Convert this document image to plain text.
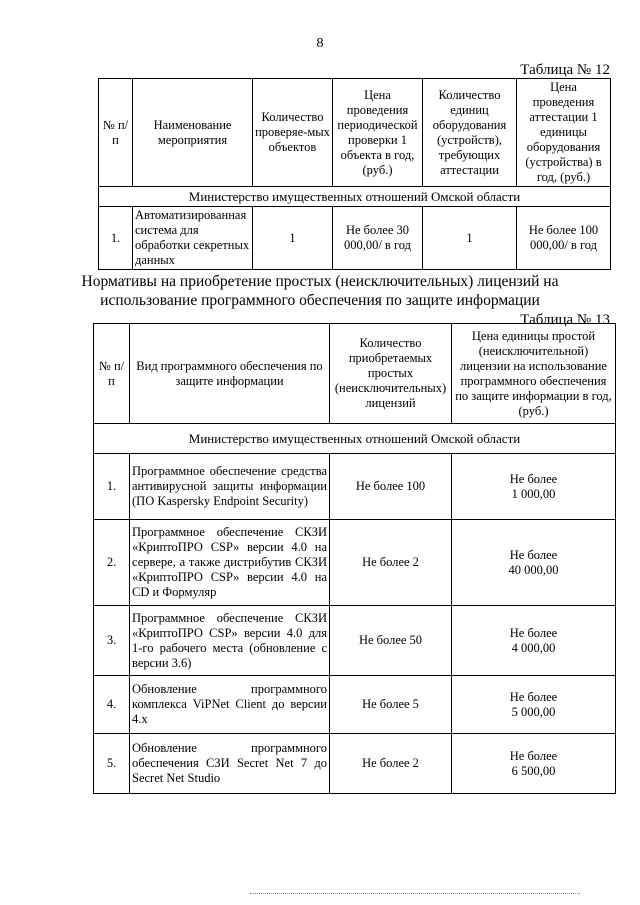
8
Таблица № 12
№ п/п	Наименование мероприятия	Количество проверяе-мых объектов	Цена проведения периодической проверки 1 объекта в год, (руб.)	Количество единиц оборудования (устройств), требующих аттестации	Цена проведения аттестации 1 единицы оборудования (устройства) в год, (руб.)
Министерство имущественных отношений Омской области					
1.	Автоматизированная система для обработки секретных данных	1	Не более 30 000,00/ в год	1	Не более 100 000,00/ в год
Нормативы на приобретение простых (неисключительных) лицензий на использование программного обеспечения по защите информации
Таблица № 13
№ п/п	Вид программного обеспечения по защите информации	Количество приобретаемых простых (неисключительных) лицензий	Цена единицы простой (неисключительной) лицензии на использование программного обеспечения по защите информации в год, (руб.)
Министерство имущественных отношений Омской области			
1.	Программное обеспечение средства антивирусной защиты информации (ПО Kaspersky Endpoint Security)	Не более 100	Не более
1 000,00
2.	Программное обеспечение СКЗИ «КриптоПРО CSP» версии 4.0 на сервере, а также дистрибутив СКЗИ «КриптоПРО CSP» версии 4.0 на CD и Формуляр	Не более 2	Не более
40 000,00
3.	Программное обеспечение СКЗИ «КриптоПРО CSP» версии 4.0 для 1-го рабочего места (обновление с версии 3.6)	Не более 50	Не более
4 000,00
4.	Обновление программного комплекса ViPNet Client до версии 4.x	Не более 5	Не более
5 000,00
5.	Обновление программного обеспечения СЗИ Secret Net 7 до Secret Net Studio	Не более 2	Не более
6 500,00
